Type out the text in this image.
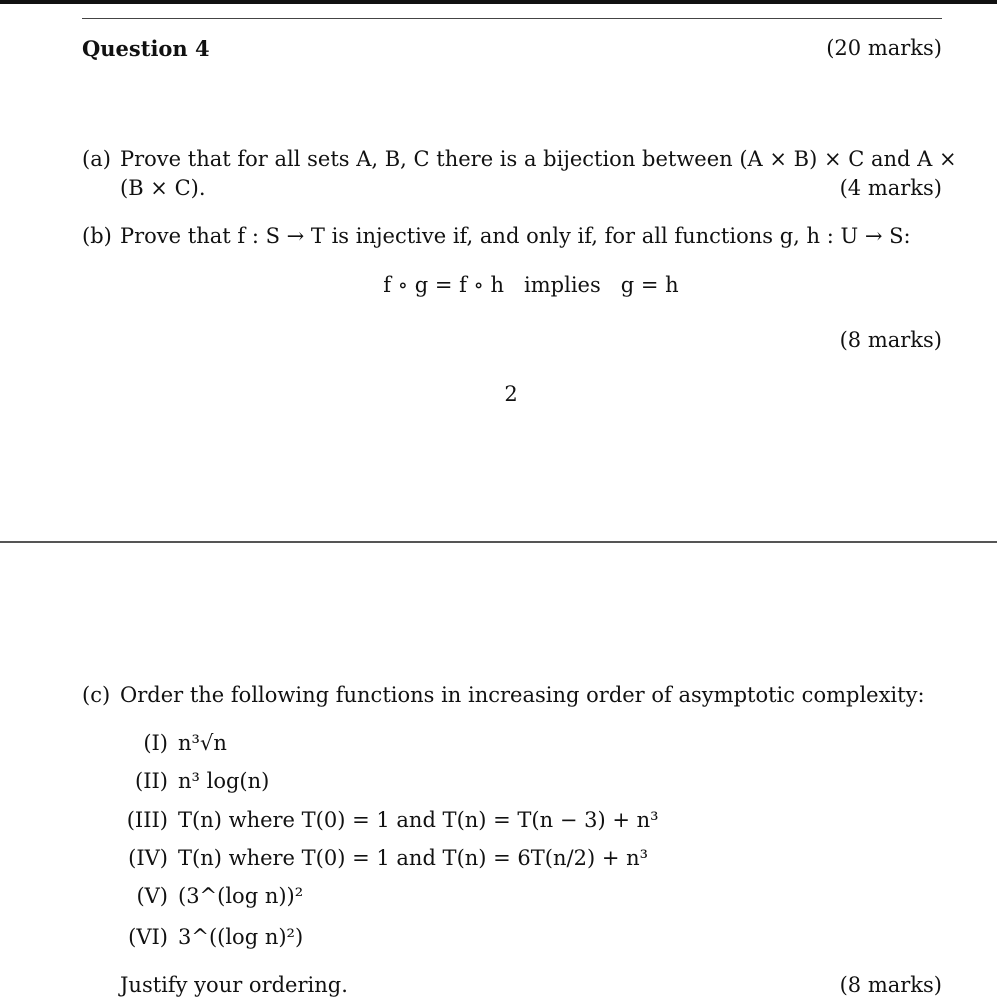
Question 4	(20 marks)
(a) Prove that for all sets A, B, C there is a bijection between (A × B) × C and A ×
(B × C).	(4 marks)
(b) Prove that f : S → T is injective if, and only if, for all functions g, h : U → S:
f ∘ g = f ∘ h   implies   g = h
(8 marks)
2
(c) Order the following functions in increasing order of asymptotic complexity:
(I) n³√n
(II) n³ log(n)
(III) T(n) where T(0) = 1 and T(n) = T(n − 3) + n³
(IV) T(n) where T(0) = 1 and T(n) = 6T(n/2) + n³
(V) (3^(log n))²
(VI) 3^((log n)²)
Justify your ordering.	(8 marks)
